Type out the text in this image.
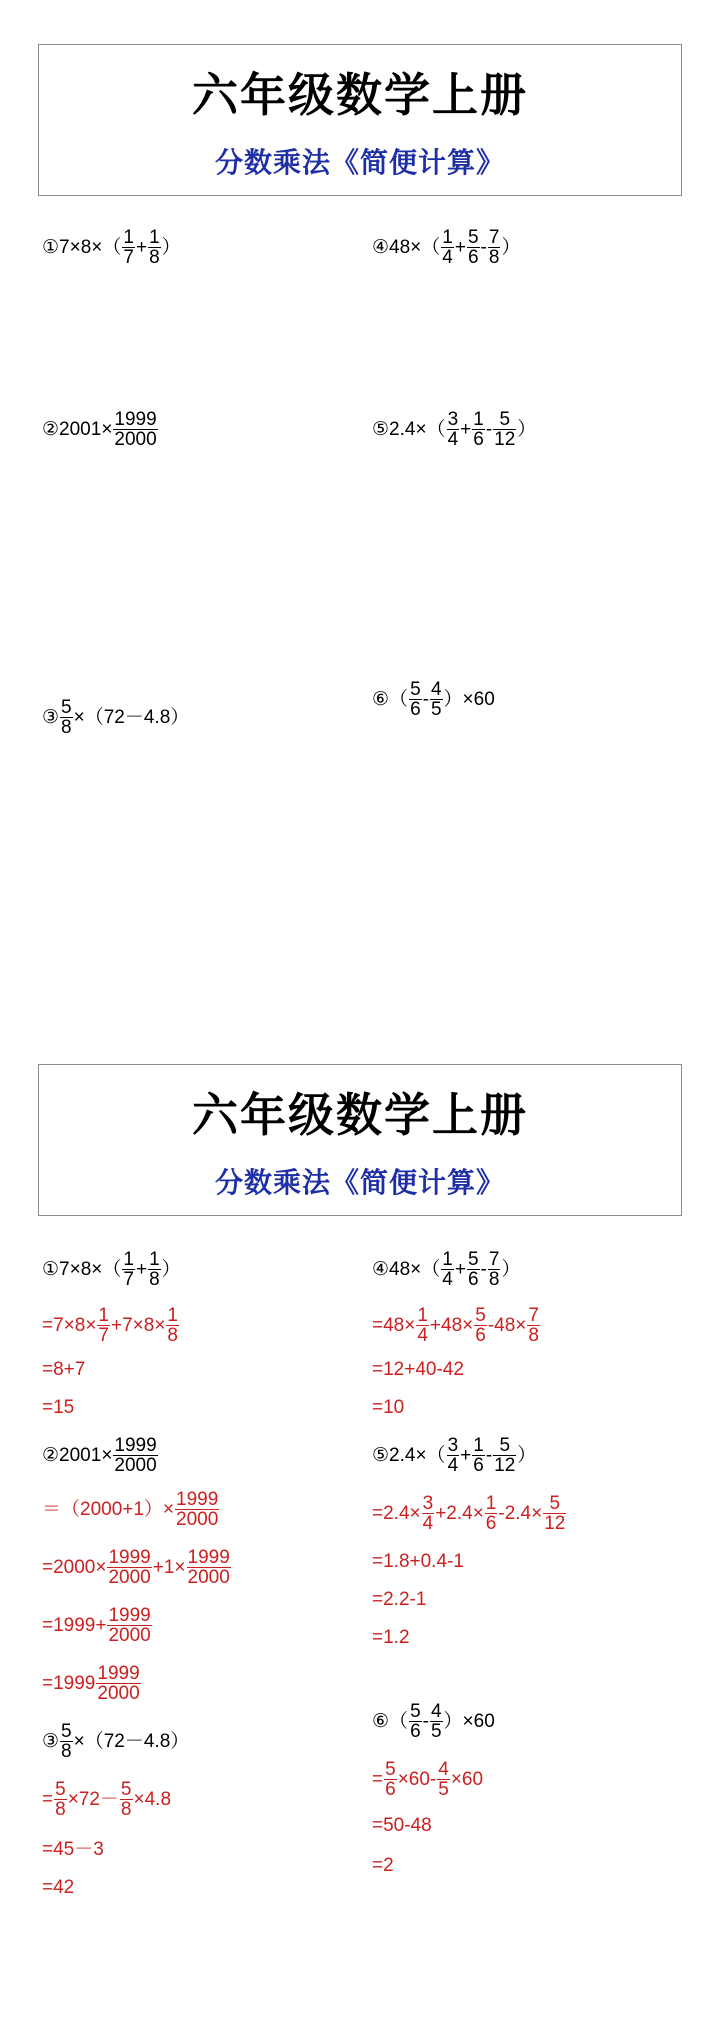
六年级数学上册
分数乘法《简便计算》
① $7\times 8\times( \frac{1}{7} + \frac{1}{8}$ ）	④ $48\times( \frac{1}{4} + \frac{5}{6} - \frac{7}{8}$ ）
② $2001\times \frac{1999}{2000}$	⑤ $2.4\times( \frac{3}{4} + \frac{1}{6} - \frac{5}{12}$ ）
③ $\frac{5}{8} \times(72-4.8)$
⑥ （ $\frac{5}{6} - \frac{4}{5} )\times 60$
六年级数学上册
分数乘法《简便计算》
① $7\times 8\times( \frac{1}{7} + \frac{1}{8}$ ）
$=7\times 8\times \frac{1}{7} +7\times 8\times \frac{1}{8}$
=8+7
=15
④ $48\times( \frac{1}{4} + \frac{5}{6} - \frac{7}{8}$ ）
$=48\times \frac{1}{4} +48\times \frac{5}{6} -48\times \frac{7}{8}$
=12+40-42
=10
② $2001\times \frac{1999}{2000}$
$=(2000+1)\times \frac{1999}{2000}$
$=2000\times \frac{1999}{2000} +1\times \frac{1999}{2000}$
$=1999+ \frac{1999}{2000}$
$=1999 \frac{1999}{2000}$
⑤ $2.4\times( \frac{3}{4} + \frac{1}{6} - \frac{5}{12}$ ）
$=2.4\times \frac{3}{4} +2.4\times \frac{1}{6} -2.4\times \frac{5}{12}$
=1.8+0.4-1
=2.2-1
=1.2
③ $\frac{5}{8} \times(72-4.8)$
= $\frac{5}{8} \times 72- \frac{5}{8} \times 4.8$
=45－3
=42
⑥ （ $\frac{5}{6} - \frac{4}{5} )\times 60$
= $\frac{5}{6} \times 60- \frac{4}{5} \times 60$
=50-48
=2
